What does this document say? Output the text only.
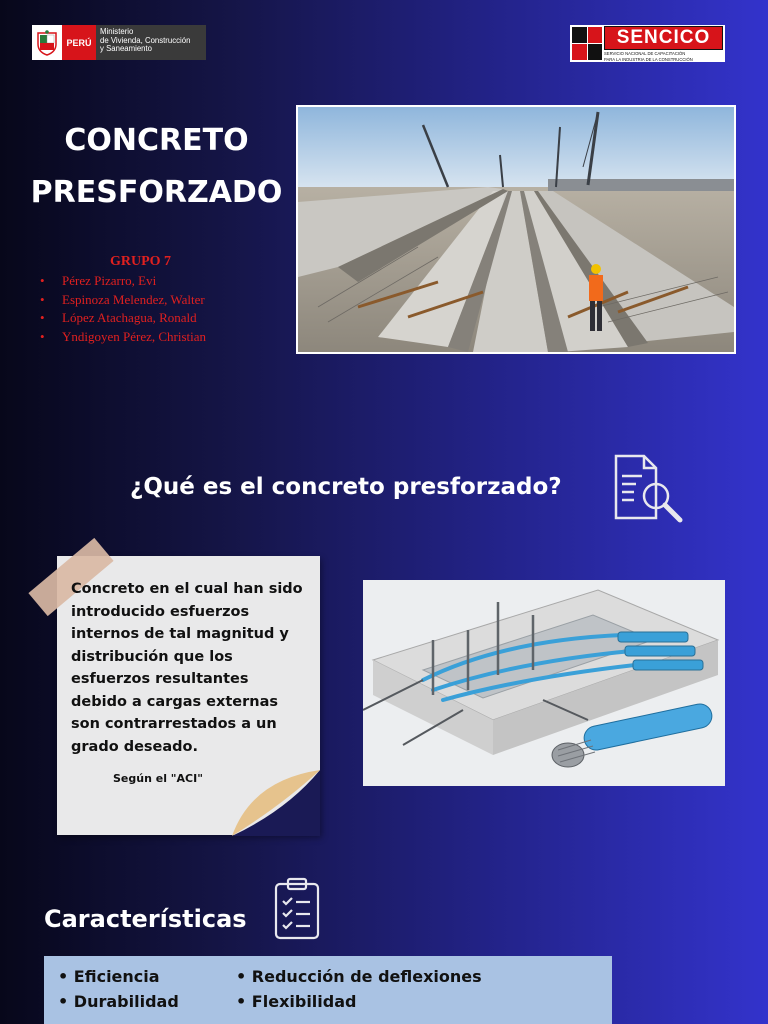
PERÚ
Ministerio
de Vivienda, Construcción
y Saneamiento
SENCICO
SERVICIO NACIONAL DE CAPACITACIÓN
PARA LA INDUSTRIA DE LA CONSTRUCCIÓN
CONCRETO
PRESFORZADO
GRUPO 7
• Pérez Pizarro, Evi
• Espinoza Melendez, Walter
• López Atachagua, Ronald
• Yndigoyen Pérez, Christian
¿Qué es el concreto presforzado?

Concreto en el cual han sido
introducido esfuerzos
internos de tal magnitud y
distribución que los
esfuerzos resultantes
debido a cargas externas
son contrarrestados a un
grado deseado.

Según el "ACI"
Características
• Eficiencia
• Durabilidad
• Reducción de deflexiones
• Flexibilidad
